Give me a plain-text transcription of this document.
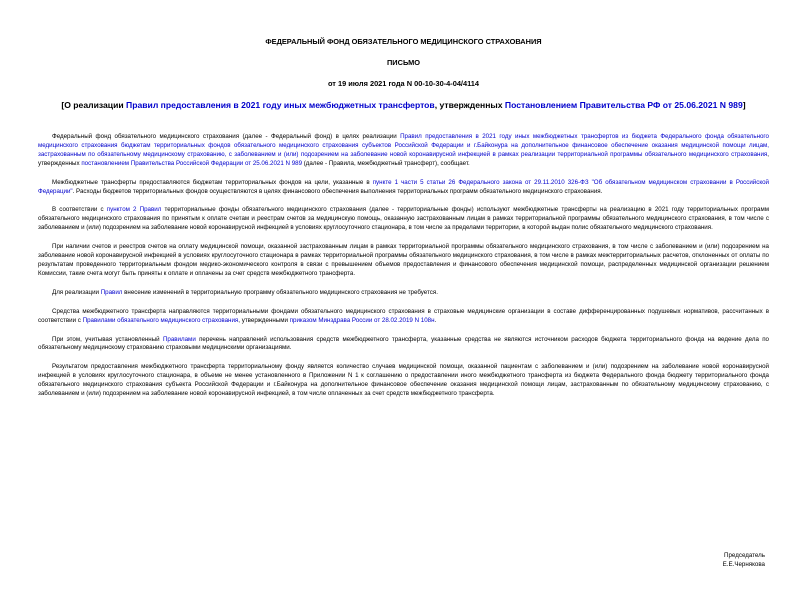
ФЕДЕРАЛЬНЫЙ ФОНД ОБЯЗАТЕЛЬНОГО МЕДИЦИНСКОГО СТРАХОВАНИЯ
ПИСЬМО
от 19 июля 2021 года N 00-10-30-4-04/4114
[О реализации Правил предоставления в 2021 году иных межбюджетных трансфертов, утвержденных Постановлением Правительства РФ от 25.06.2021 N 989]

Федеральный фонд обязательного медицинского страхования (далее - Федеральный фонд) в целях реализации Правил предоставления в 2021 году иных межбюджетных трансфертов из бюджета Федерального фонда обязательного медицинского страхования бюджетам территориальных фондов обязательного медицинского страхования субъектов Российской Федерации и г.Байконура на дополнительное финансовое обеспечение оказания медицинской помощи лицам, застрахованным по обязательному медицинскому страхованию, с заболеванием и (или) подозрением на заболевание новой коронавирусной инфекцией в рамках реализации территориальной программы обязательного медицинского страхования, утвержденных постановлением Правительства Российской Федерации от 25.06.2021 N 989 (далее - Правила, межбюджетный трансферт), сообщает.

Межбюджетные трансферты предоставляются бюджетам территориальных фондов на цели, указанные в пункте 1 части 5 статьи 26 Федерального закона от 29.11.2010 326-ФЗ "Об обязательном медицинском страховании в Российской Федерации". Расходы бюджетов территориальных фондов осуществляются в целях финансового обеспечения выполнения территориальных программ обязательного медицинского страхования.

В соответствии с пунктом 2 Правил территориальные фонды обязательного медицинского страхования (далее - территориальные фонды) используют межбюджетные трансферты на реализацию в 2021 году территориальных программ обязательного медицинского страхования по принятым к оплате счетам и реестрам счетов за медицинскую помощь, оказанную застрахованным лицам в рамках территориальной программы обязательного медицинского страхования, в том числе с заболеванием и (или) подозрением на заболевание новой коронавирусной инфекцией в условиях круглосуточного стационара, в том числе за пределами территории, в которой выдан полис обязательного медицинского страхования.

При наличии счетов и реестров счетов на оплату медицинской помощи, оказанной застрахованным лицам в рамках территориальной программы обязательного медицинского страхования, в том числе с заболеванием и (или) подозрением на заболевание новой коронавирусной инфекцией в условиях круглосуточного стационара в рамках территориальной программы обязательного медицинского страхования, в том числе в рамках межтерриториальных расчетов, отклоненных от оплаты по результатам проведенного территориальным фондом медико-экономического контроля в связи с превышением объемов предоставления и финансового обеспечения медицинской помощи, распределенных медицинской организации решением Комиссии, такие счета могут быть приняты к оплате и оплачены за счет средств межбюджетного трансферта.

Для реализации Правил внесение изменений в территориальную программу обязательного медицинского страхования не требуется.

Средства межбюджетного трансферта направляются территориальными фондами обязательного медицинского страхования в страховые медицинские организации в составе дифференцированных подушевых нормативов, рассчитанных в соответствии с Правилами обязательного медицинского страхования, утвержденными приказом Минздрава России от 28.02.2019 N 108н.

При этом, учитывая установленный Правилами перечень направлений использования средств межбюджетного трансферта, указанные средства не являются источником расходов бюджета территориального фонда на ведение дела по обязательному медицинскому страхованию страховыми медицинскими организациями.

Результатом предоставления межбюджетного трансферта территориальному фонду является количество случаев медицинской помощи, оказанной пациентам с заболеванием и (или) подозрением на заболевание новой коронавирусной инфекцией в условиях круглосуточного стационара, в объеме не менее установленного в Приложении N 1 к соглашению о предоставлении иного межбюджетного трансферта из бюджета Федерального фонда бюджету территориального фонда обязательного медицинского страхования субъекта Российской Федерации и г.Байконура на дополнительное финансовое обеспечение оказания медицинской помощи лицам, застрахованным по обязательному медицинскому страхованию, с заболеванием и (или) подозрением на заболевание новой коронавирусной инфекцией, в том числе оплаченных за счет средств межбюджетного трансферта.

Председатель
Е.Е.Чернякова
